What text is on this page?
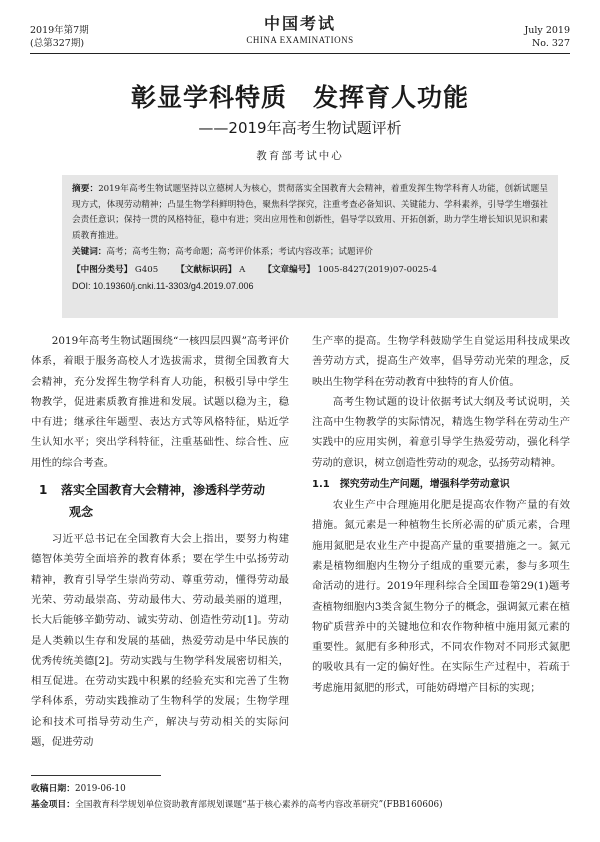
2019年第7期
(总第327期)
中国考试
CHINA EXAMINATIONS
July 2019
No. 327
彰显学科特质　发挥育人功能
——2019年高考生物试题评析
教育部考试中心
摘要：2019年高考生物试题坚持以立德树人为核心，贯彻落实全国教育大会精神，着重发挥生物学科育人功能，创新试题呈现方式，体现劳动精神；凸显生物学科鲜明特色，聚焦科学探究，注重考查必备知识、关键能力、学科素养，引导学生增强社会责任意识；保持一贯的风格特征，稳中有进；突出应用性和创新性，倡导学以致用、开拓创新，助力学生增长知识见识和素质教育推进。
关键词：高考；高考生物；高考命题；高考评价体系；考试内容改革；试题评价
【中图分类号】 G405 【文献标识码】 A 【文章编号】 1005-8427(2019)07-0025-4
DOI: 10.19360/j.cnki.11-3303/g4.2019.07.006

2019年高考生物试题围绕“一核四层四翼”高考评价体系，着眼于服务高校人才选拔需求，贯彻全国教育大会精神，充分发挥生物学科育人功能，积极引导中学生物教学，促进素质教育推进和发展。试题以稳为主，稳中有进；继承往年题型、表达方式等风格特征，贴近学生认知水平；突出学科特征，注重基础性、综合性、应用性的综合考查。

1 落实全国教育大会精神，渗透科学劳动
观念

习近平总书记在全国教育大会上指出，要努力构建德智体美劳全面培养的教育体系；要在学生中弘扬劳动精神，教育引导学生崇尚劳动、尊重劳动，懂得劳动最光荣、劳动最崇高、劳动最伟大、劳动最美丽的道理，长大后能够辛勤劳动、诚实劳动、创造性劳动[1]。劳动是人类赖以生存和发展的基础，热爱劳动是中华民族的优秀传统美德[2]。劳动实践与生物学科发展密切相关，相互促进。在劳动实践中积累的经验充实和完善了生物学科体系，劳动实践推动了生物科学的发展；生物学理论和技术可指导劳动生产，解决与劳动相关的实际问题，促进劳动

生产率的提高。生物学科鼓励学生自觉运用科技成果改善劳动方式，提高生产效率，倡导劳动光荣的理念，反映出生物学科在劳动教育中独特的育人价值。

高考生物试题的设计依据考试大纲及考试说明，关注高中生物教学的实际情况，精选生物学科在劳动生产实践中的应用实例，着意引导学生热爱劳动，强化科学劳动的意识，树立创造性劳动的观念，弘扬劳动精神。

1.1　探究劳动生产问题，增强科学劳动意识

农业生产中合理施用化肥是提高农作物产量的有效措施。氮元素是一种植物生长所必需的矿质元素，合理施用氮肥是农业生产中提高产量的重要措施之一。氮元素是植物细胞内生物分子组成的重要元素，参与多项生命活动的进行。2019年理科综合全国Ⅲ卷第29(1)题考查植物细胞内3类含氮生物分子的概念，强调氮元素在植物矿质营养中的关键地位和农作物种植中施用氮元素的重要性。氮肥有多种形式，不同农作物对不同形式氮肥的吸收具有一定的偏好性。在实际生产过程中，若疏于考虑施用氮肥的形式，可能妨碍增产目标的实现；

收稿日期：2019-06-10
基金项目：全国教育科学规划单位资助教育部规划课题“基于核心素养的高考内容改革研究”(FBB160606)
